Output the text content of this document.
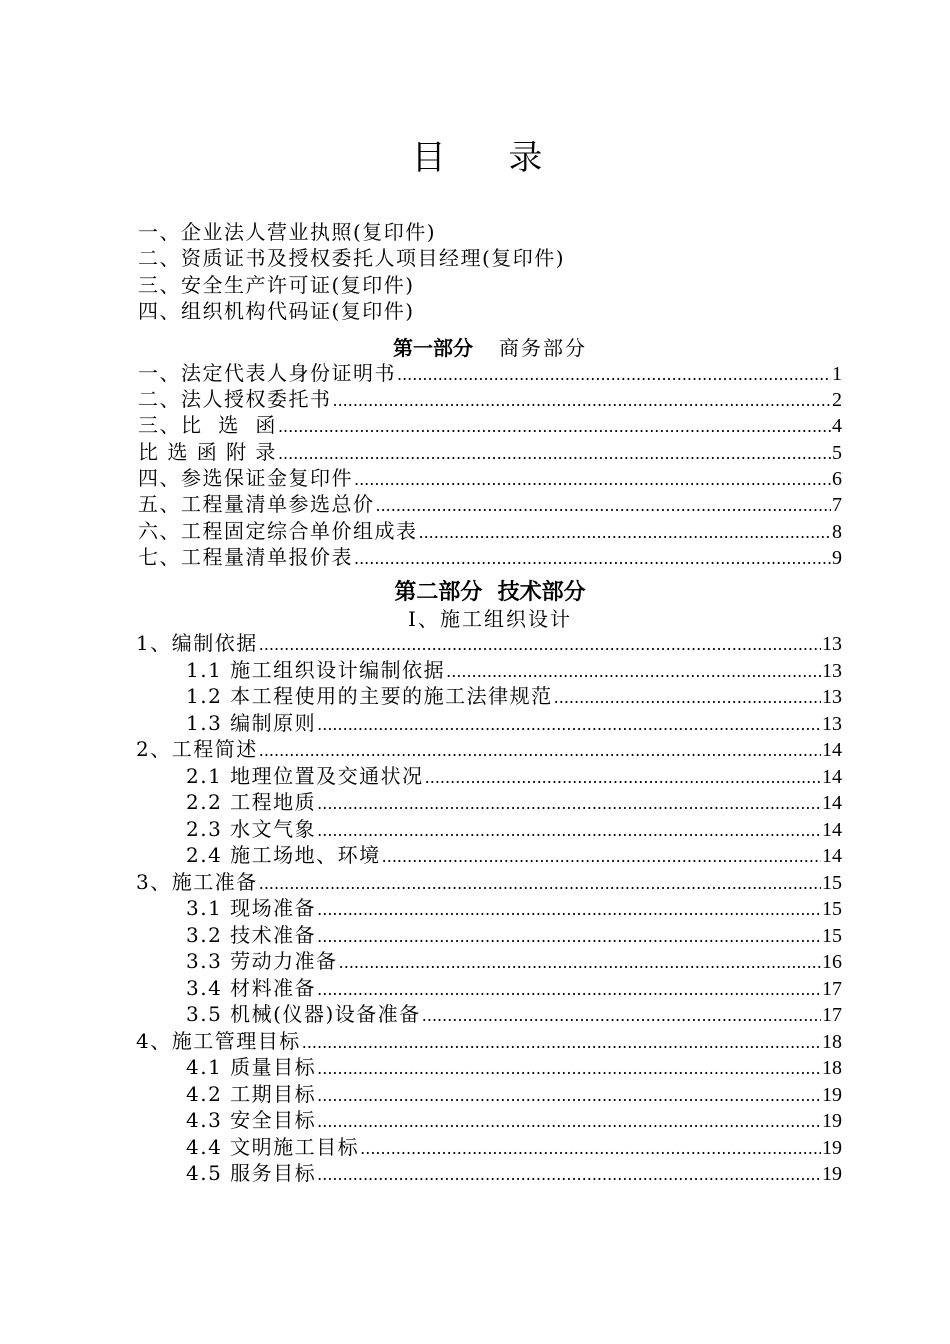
目 录
一、企业法人营业执照(复印件)
二、资质证书及授权委托人项目经理(复印件)
三、安全生产许可证(复印件)
四、组织机构代码证(复印件)
第一部分 商务部分
一、法定代表人身份证明书 .....	1
二、法人授权委托书 .....	2
三、比  选  函 .....	4
比 选 函 附 录 .....	5
四、参选保证金复印件 .....	6
五、工程量清单参选总价 .....	7
六、工程固定综合单价组成表 .....	8
七、工程量清单报价表 .....	9
第二部分  技术部分
Ⅰ、施工组织设计
1、编制依据 .....	13
1.1 施工组织设计编制依据 .....	13
1.2 本工程使用的主要的施工法律规范 .....	13
1.3 编制原则 .....	13
2、工程简述 .....	14
2.1 地理位置及交通状况 .....	14
2.2 工程地质 .....	14
2.3 水文气象 .....	14
2.4 施工场地、环境 .....	14
3、施工准备 .....	15
3.1 现场准备 .....	15
3.2 技术准备 .....	15
3.3 劳动力准备 .....	16
3.4 材料准备 .....	17
3.5 机械(仪器)设备准备 .....	17
4、施工管理目标 .....	18
4.1 质量目标 .....	18
4.2 工期目标 .....	19
4.3 安全目标 .....	19
4.4 文明施工目标 .....	19
4.5 服务目标 .....	19
